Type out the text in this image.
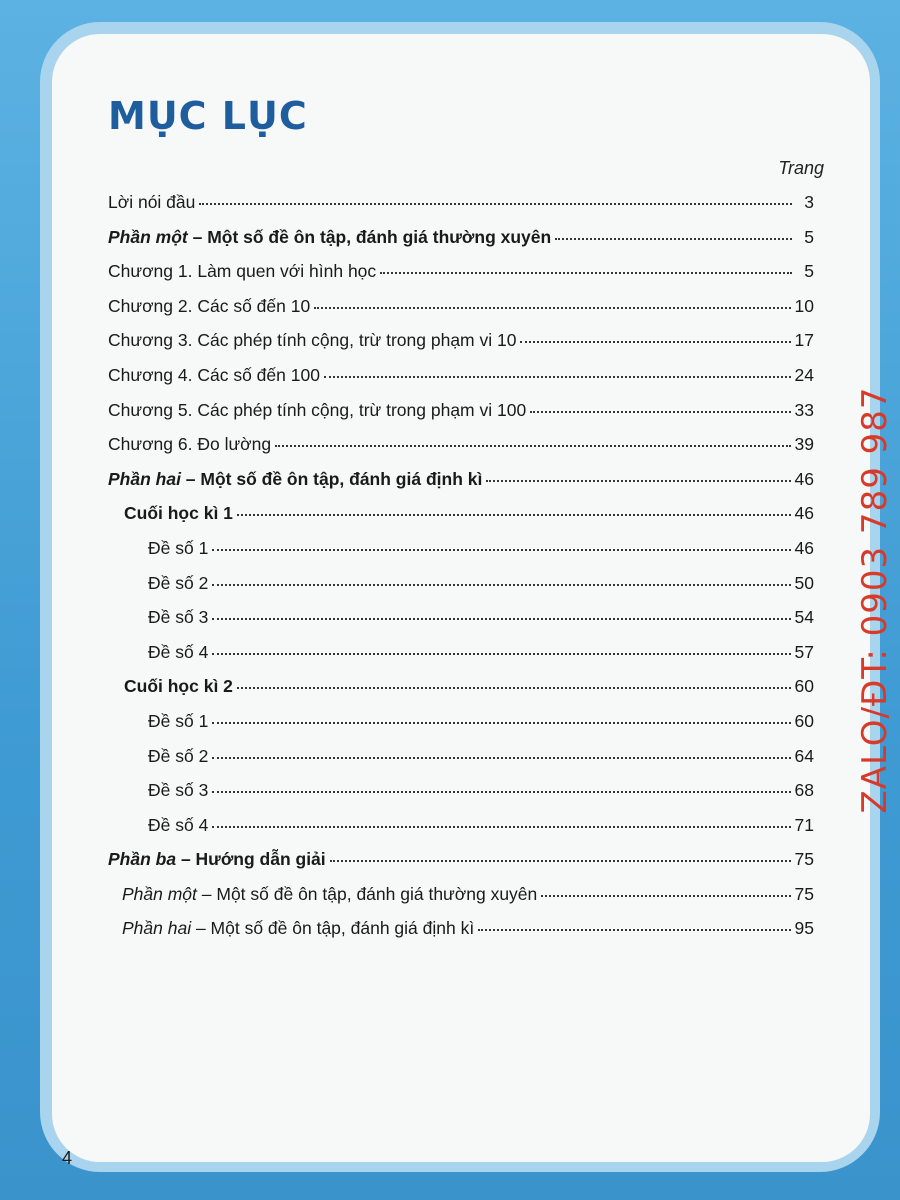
MỤC LỤC
Trang
Lời nói đầu	3
Phần một – Một số đề ôn tập, đánh giá thường xuyên	5
Chương 1. Làm quen với hình học	5
Chương 2. Các số đến 10	10
Chương 3. Các phép tính cộng, trừ trong phạm vi 10	17
Chương 4. Các số đến 100	24
Chương 5. Các phép tính cộng, trừ trong phạm vi 100	33
Chương 6. Đo lường	39
Phần hai – Một số đề ôn tập, đánh giá định kì	46
Cuối học kì 1	46
Đề số 1	46
Đề số 2	50
Đề số 3	54
Đề số 4	57
Cuối học kì 2	60
Đề số 1	60
Đề số 2	64
Đề số 3	68
Đề số 4	71
Phần ba – Hướng dẫn giải	75
Phần một – Một số đề ôn tập, đánh giá thường xuyên	75
Phần hai – Một số đề ôn tập, đánh giá định kì	95
4
ZALO/ĐT: 0903 789 987
